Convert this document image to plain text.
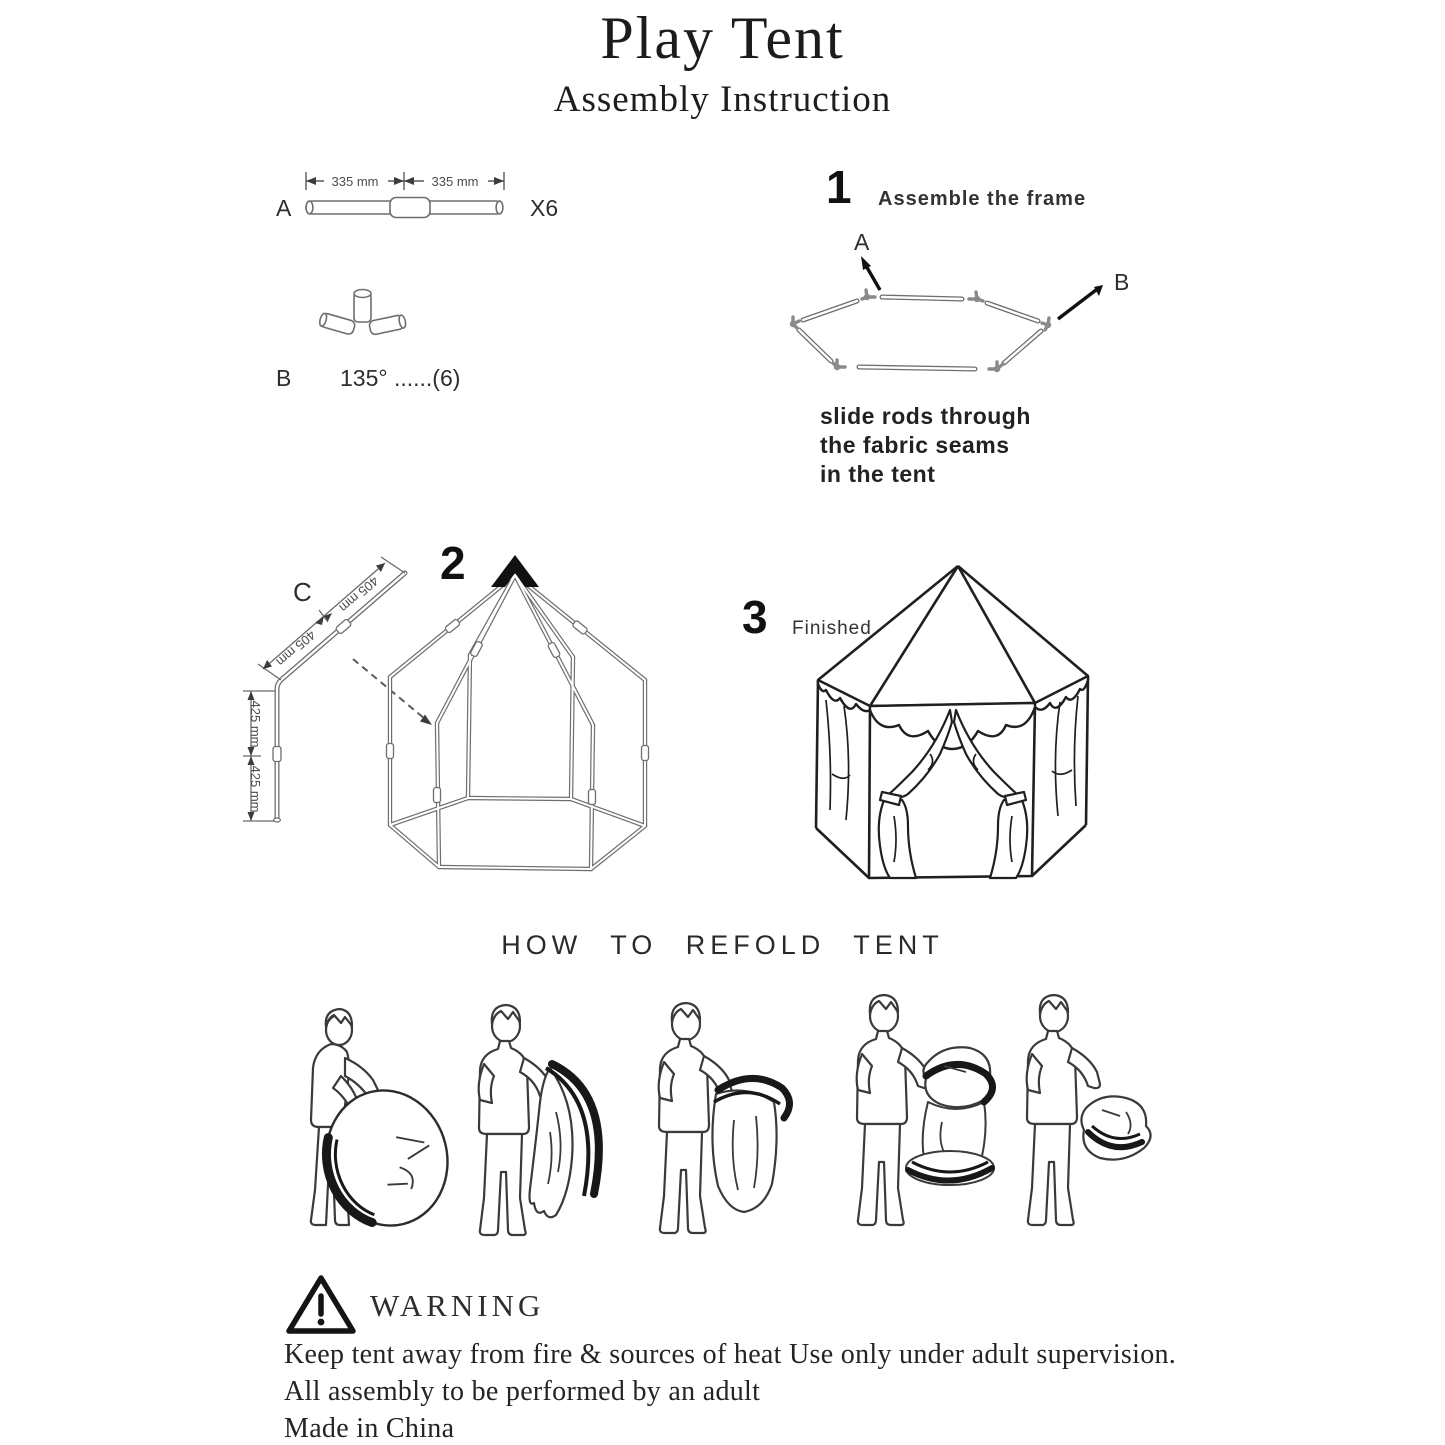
Play Tent
Assembly Instruction
335 mm	335 mm
A	X6
B 135° ......(6)
1 Assemble the frame
A
B
slide rods through
the fabric seams
in the tent
C 405 mm
405 mm
425 mm
425 mm
2
3 Finished
HOW TO REFOLD TENT
WARNING
Keep tent away from fire & sources of heat Use only under adult supervision.
All assembly to be performed by an adult
Made in China
